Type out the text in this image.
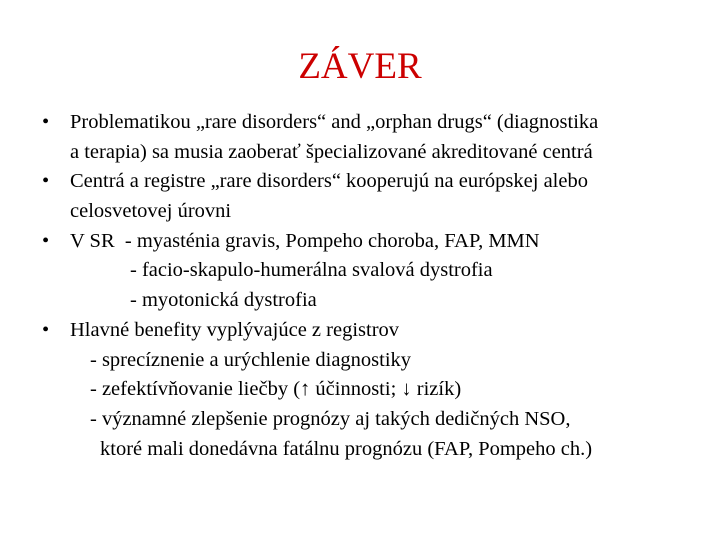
ZÁVER
• Problematikou „rare disorders“ and „orphan drugs“ (diagnostika
a terapia) sa musia zaoberať špecializované akreditované centrá
• Centrá a registre „rare disorders“ kooperujú na európskej alebo
celosvetovej úrovni
• V SR  - myasténia gravis, Pompeho choroba, FAP, MMN
- facio-skapulo-humerálna svalová dystrofia
- myotonická dystrofia
• Hlavné benefity vyplývajúce z registrov
- sprecíznenie a urýchlenie diagnostiky
- zefektívňovanie liečby (↑ účinnosti; ↓ rizík)
- významné zlepšenie prognózy aj takých dedičných NSO,
ktoré mali donedávna fatálnu prognózu (FAP, Pompeho ch.)
